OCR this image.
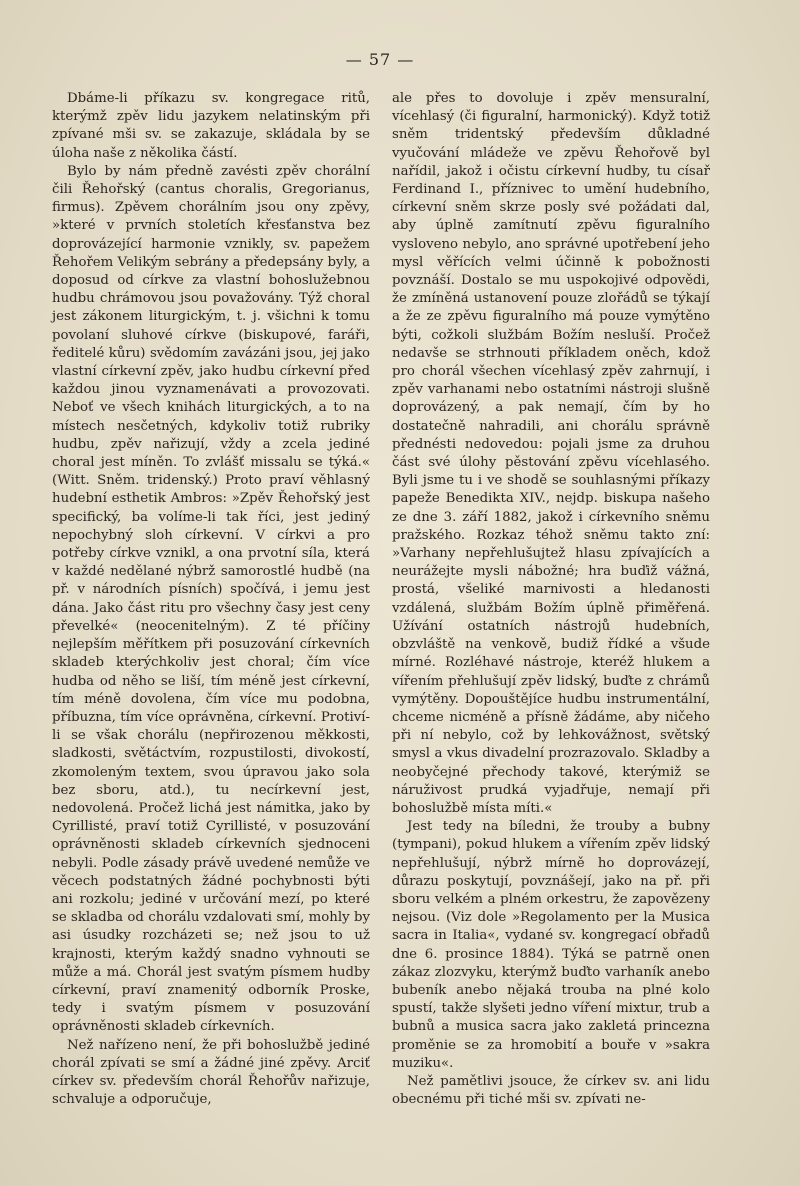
— 57 —

Dbáme-li příkazu sv. kongregace ritů, kterýmž zpěv lidu jazykem nelatinským při zpívané mši sv. se zakazuje, skládala by se úloha naše z několika částí.

Bylo by nám předně zavésti zpěv chorální čili Řehořský (cantus choralis, Gregorianus, firmus). Zpěvem chorálním jsou ony zpěvy, »které v prvních stoletích křesťanstva bez doprovázející harmonie vznikly, sv. papežem Řehořem Velikým sebrány a předepsány byly, a doposud od církve za vlastní bohoslužebnou hudbu chrámovou jsou považovány. Týž choral jest zákonem liturgickým, t. j. všichni k tomu povolaní sluhové církve (biskupové, faráři, ředitelé kůru) svědomím zavázáni jsou, jej jako vlastní církevní zpěv, jako hudbu církevní před každou jinou vyznamenávati a provozovati. Neboť ve všech knihách liturgických, a to na místech nesčetných, kdykoliv totiž rubriky hudbu, zpěv nařizují, vždy a zcela jediné choral jest míněn. To zvlášť missalu se týká.« (Witt. Sněm. tridenský.) Proto praví věhlasný hudební esthetik Ambros: »Zpěv Řehořský jest specifický, ba volíme-li tak říci, jest jediný nepochybný sloh církevní. V církvi a pro potřeby církve vznikl, a ona prvotní síla, která v každé nedělané nýbrž samorostlé hudbě (na př. v národních písních) spočívá, i jemu jest dána. Jako část ritu pro všechny časy jest ceny převelké« (neocenitelným). Z té příčiny nejlepším měřítkem při posuzování církevních skladeb kterýchkoliv jest choral; čím více hudba od něho se liší, tím méně jest církevní, tím méně dovolena, čím více mu podobna, příbuzna, tím více oprávněna, církevní. Protiví-li se však chorálu (nepřirozenou měkkosti, sladkosti, světáctvím, rozpustilosti, divokostí, zkomoleným textem, svou úpravou jako sola bez sboru, atd.), tu necírkevní jest, nedovolená. Pročež lichá jest námitka, jako by Cyrillisté, praví totiž Cyrillisté, v posuzování oprávněnosti skladeb církevních sjednoceni nebyli. Podle zásady právě uvedené nemůže ve věcech podstatných žádné pochybnosti býti ani rozkolu; jediné v určování mezí, po které se skladba od chorálu vzdalovati smí, mohly by asi úsudky rozcházeti se; než jsou to už krajnosti, kterým každý snadno vyhnouti se může a má. Chorál jest svatým písmem hudby církevní, praví znamenitý odborník Proske, tedy i svatým písmem v posuzování oprávněnosti skladeb církevních.

Než nařízeno není, že při bohoslužbě jediné chorál zpívati se smí a žádné jiné zpěvy. Arciť církev sv. především chorál Řehořův nařizuje, schvaluje a odporučuje,

ale přes to dovoluje i zpěv mensuralní, vícehlasý (či figuralní, harmonický). Když totiž sněm tridentský především důkladné vyučování mládeže ve zpěvu Řehořově byl nařídil, jakož i očistu církevní hudby, tu císař Ferdinand I., příznivec to umění hudebního, církevní sněm skrze posly své požádati dal, aby úplně zamítnutí zpěvu figuralního vysloveno nebylo, ano správné upotřebení jeho mysl věřících velmi účinně k pobožnosti povznáší. Dostalo se mu uspokojivé odpovědi, že zmíněná ustanovení pouze zlořádů se týkají a že ze zpěvu figuralního má pouze vymýtěno býti, cožkoli službám Božím nesluší. Pročež nedavše se strhnouti příkladem oněch, kdož pro chorál všechen vícehlasý zpěv zahrnují, i zpěv varhanami nebo ostatními nástroji slušně doprovázený, a pak nemají, čím by ho dostatečně nahradili, ani chorálu správně přednésti nedovedou: pojali jsme za druhou část své úlohy pěstování zpěvu vícehlasého. Byli jsme tu i ve shodě se souhlasnými příkazy papeže Benedikta XIV., nejdp. biskupa našeho ze dne 3. září 1882, jakož i církevního sněmu pražského. Rozkaz téhož sněmu takto zní: »Varhany nepřehlušujtež hlasu zpívajících a neurážejte mysli nábožné; hra buďiž vážná, prostá, všeliké marnivosti a hledanosti vzdálená, službám Božím úplně přiměřená. Užívání ostatních nástrojů hudebních, obzvláště na venkově, budiž řídké a všude mírné. Rozléhavé nástroje, kteréž hlukem a vířením přehlušují zpěv lidský, buďte z chrámů vymýtěny. Dopouštějíce hudbu instrumentální, chceme nicméně a přísně žádáme, aby ničeho při ní nebylo, což by lehkovážnost, světský smysl a vkus divadelní prozrazovalo. Skladby a neobyčejné přechody takové, kterýmiž se náruživost prudká vyjadřuje, nemají při bohoslužbě místa míti.«

Jest tedy na bíledni, že trouby a bubny (tympani), pokud hlukem a vířením zpěv lidský nepřehlušují, nýbrž mírně ho doprovázejí, důrazu poskytují, povznášejí, jako na př. při sboru velkém a plném orkestru, že zapovězeny nejsou. (Viz dole »Regolamento per la Musica sacra in Italia«, vydané sv. kongregací obřadů dne 6. prosince 1884). Týká se patrně onen zákaz zlozvyku, kterýmž buďto varhaník anebo bubeník anebo nějaká trouba na plné kolo spustí, takže slyšeti jedno víření mixtur, trub a bubnů a musica sacra jako zakletá princezna proměnie se za hromobití a bouře v »sakra muziku«.

Než pamětlivi jsouce, že církev sv. ani lidu obecnému při tiché mši sv. zpívati ne-
